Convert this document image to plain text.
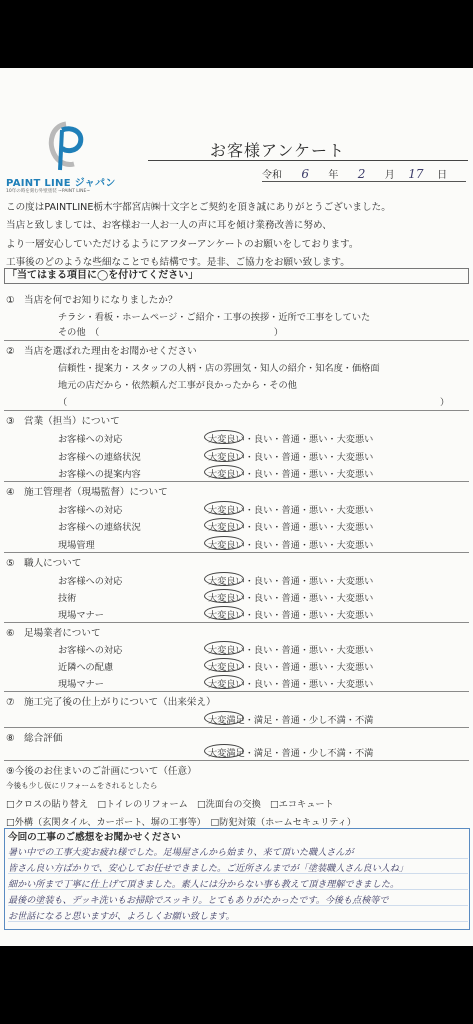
PAINT LINE ジャパン
10年の時を刻む外壁塗装 ~PAINT LINE~
お客様アンケート
令和 6 年 2 月 17 日
この度はPAINTLINE栃木宇都宮店㈱十文字とご契約を頂き誠にありがとうございました。
当店と致しましては、お客様お一人お一人の声に耳を傾け業務改善に努め、
より一層安心していただけるようにアフターアンケートのお願いをしております。
工事後のどのような些細なことでも結構です。是非、ご協力をお願い致します。
「当てはまる項目に◯を付けてください」
① 当店を何でお知りになりましたか？
チラシ・看板・ホームページ・ご紹介・工事の挨拶・近所で工事をしていた
その他　（　　　　　　　　　　　　　　　　　　　）
② 当店を選ばれた理由をお聞かせください
信頼性・提案力・スタッフの人柄・店の雰囲気・知人の紹介・知名度・価格面
地元の店だから・依然頼んだ工事が良かったから・その他
（	）
③ 営業（担当）について
お客様への対応	大変良い・良い・普通・悪い・大変悪い
お客様への連絡状況	大変良い・良い・普通・悪い・大変悪い
お客様への提案内容	大変良い・良い・普通・悪い・大変悪い
④ 施工管理者（現場監督）について
お客様への対応	大変良い・良い・普通・悪い・大変悪い
お客様への連絡状況	大変良い・良い・普通・悪い・大変悪い
現場管理	大変良い・良い・普通・悪い・大変悪い
⑤ 職人について
お客様への対応	大変良い・良い・普通・悪い・大変悪い
技術	大変良い・良い・普通・悪い・大変悪い
現場マナー	大変良い・良い・普通・悪い・大変悪い
⑥ 足場業者について
お客様への対応	大変良い・良い・普通・悪い・大変悪い
近隣への配慮	大変良い・良い・普通・悪い・大変悪い
現場マナー	大変良い・良い・普通・悪い・大変悪い
⑦ 施工完了後の仕上がりについて（出来栄え）
大変満足・満足・普通・少し不満・不満
⑧ 総合評価
大変満足・満足・普通・少し不満・不満
⑨今後のお住まいのご計画について（任意）
今後も少し仮にリフォームをされるとしたら
□クロスの貼り替え　□トイレのリフォーム　□洗面台の交換　□エコキュート
□外構（玄関タイル、カーポート、塀の工事等）　□防犯対策（ホームセキュリティ）
今回の工事のご感想をお聞かせください
暑い中での工事大変お疲れ様でした。足場屋さんから始まり、来て頂いた職人さんが
皆さん良い方ばかりで、安心してお任せできました。ご近所さんまでが「塗装職人さん良い人ね」
細かい所まで丁寧に仕上げて頂きました。素人には分からない事も教えて頂き理解できました。
最後の塗装も、デッキ洗いもお掃除でスッキリ。とてもありがたかったです。今後も点検等で
お世話になると思いますが、よろしくお願い致します。
